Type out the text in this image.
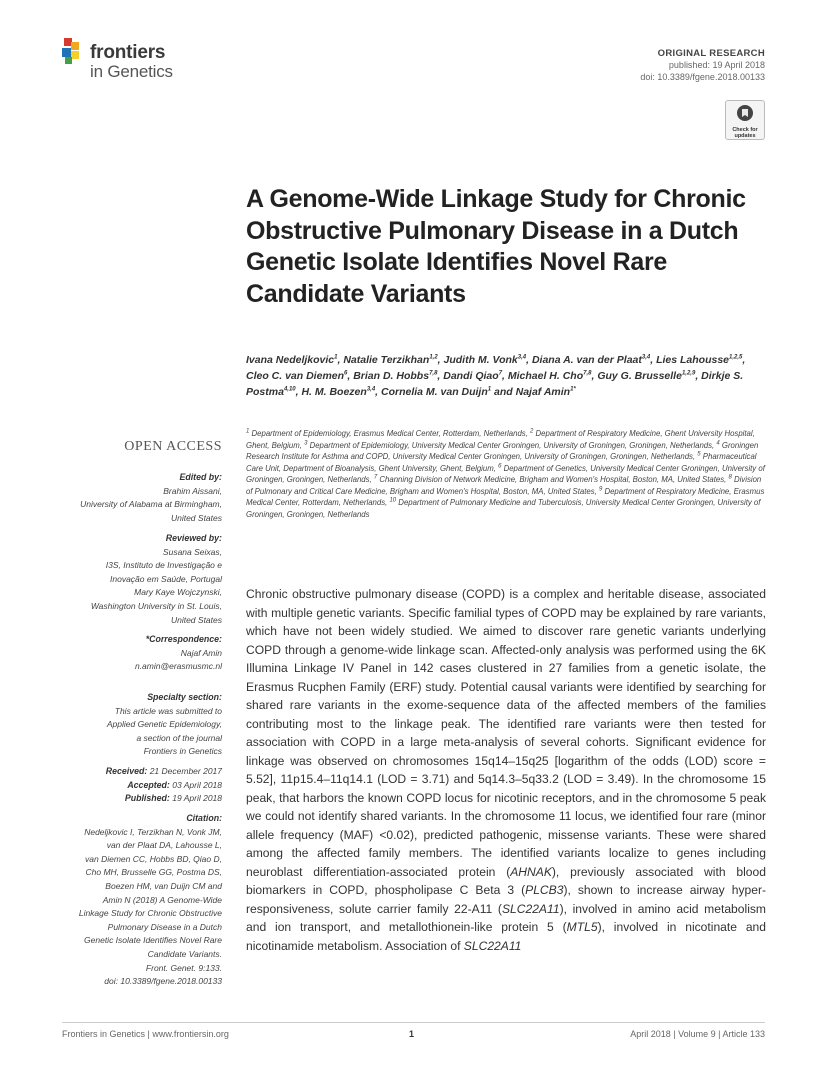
frontiers
in Genetics
ORIGINAL RESEARCH
published: 19 April 2018
doi: 10.3389/fgene.2018.00133
Check for
updates
A Genome-Wide Linkage Study for Chronic Obstructive Pulmonary Disease in a Dutch Genetic Isolate Identifies Novel Rare Candidate Variants
Ivana Nedeljkovic$^1$, Natalie Terzikhan$^{1,2}$, Judith M. Vonk$^{3,4}$, Diana A. van der Plaat$^{3,4}$, Lies Lahousse$^{1,2,5}$, Cleo C. van Diemen$^6$, Brian D. Hobbs$^{7,8}$, Dandi Qiao$^7$, Michael H. Cho$^{7,8}$, Guy G. Brusselle$^{1,2,9}$, Dirkje S. Postma$^{4,10}$, H. M. Boezen$^{3,4}$, Cornelia M. van Duijn$^1$ and Najaf Amin$^{1*}$
$^1$ Department of Epidemiology, Erasmus Medical Center, Rotterdam, Netherlands, $^2$ Department of Respiratory Medicine, Ghent University Hospital, Ghent, Belgium, $^3$ Department of Epidemiology, University Medical Center Groningen, University of Groningen, Groningen, Netherlands, $^4$ Groningen Research Institute for Asthma and COPD, University Medical Center Groningen, University of Groningen, Groningen, Netherlands, $^5$ Pharmaceutical Care Unit, Department of Bioanalysis, Ghent University, Ghent, Belgium, $^6$ Department of Genetics, University Medical Center Groningen, University of Groningen, Groningen, Netherlands, $^7$ Channing Division of Network Medicine, Brigham and Women's Hospital, Boston, MA, United States, $^8$ Division of Pulmonary and Critical Care Medicine, Brigham and Women's Hospital, Boston, MA, United States, $^9$ Department of Respiratory Medicine, Erasmus Medical Center, Rotterdam, Netherlands, $^{10}$ Department of Pulmonary Medicine and Tuberculosis, University Medical Center Groningen, University of Groningen, Groningen, Netherlands
Chronic obstructive pulmonary disease (COPD) is a complex and heritable disease, associated with multiple genetic variants. Specific familial types of COPD may be explained by rare variants, which have not been widely studied. We aimed to discover rare genetic variants underlying COPD through a genome-wide linkage scan. Affected-only analysis was performed using the 6K Illumina Linkage IV Panel in 142 cases clustered in 27 families from a genetic isolate, the Erasmus Rucphen Family (ERF) study. Potential causal variants were identified by searching for shared rare variants in the exome-sequence data of the affected members of the families contributing most to the linkage peak. The identified rare variants were then tested for association with COPD in a large meta-analysis of several cohorts. Significant evidence for linkage was observed on chromosomes 15q14–15q25 [logarithm of the odds (LOD) score = 5.52], 11p15.4–11q14.1 (LOD = 3.71) and 5q14.3–5q33.2 (LOD = 3.49). In the chromosome 15 peak, that harbors the known COPD locus for nicotinic receptors, and in the chromosome 5 peak we could not identify shared variants. In the chromosome 11 locus, we identified four rare (minor allele frequency (MAF) <0.02), predicted pathogenic, missense variants. These were shared among the affected family members. The identified variants localize to genes including neuroblast differentiation-associated protein (AHNAK), previously associated with blood biomarkers in COPD, phospholipase C Beta 3 (PLCB3), shown to increase airway hyper-responsiveness, solute carrier family 22-A11 (SLC22A11), involved in amino acid metabolism and ion transport, and metallothionein-like protein 5 (MTL5), involved in nicotinate and nicotinamide metabolism. Association of SLC22A11
OPEN ACCESS
Edited by:
Brahim Aissani,
University of Alabama at Birmingham,
United States
Reviewed by:
Susana Seixas,
I3S, Instituto de Investigação e
Inovação em Saúde, Portugal
Mary Kaye Wojczynski,
Washington University in St. Louis,
United States
*Correspondence:
Najaf Amin
n.amin@erasmusmc.nl
Specialty section:
This article was submitted to
Applied Genetic Epidemiology,
a section of the journal
Frontiers in Genetics
Received: 21 December 2017
Accepted: 03 April 2018
Published: 19 April 2018
Citation:
Nedeljkovic I, Terzikhan N, Vonk JM,
van der Plaat DA, Lahousse L,
van Diemen CC, Hobbs BD, Qiao D,
Cho MH, Brusselle GG, Postma DS,
Boezen HM, van Duijn CM and
Amin N (2018) A Genome-Wide
Linkage Study for Chronic Obstructive
Pulmonary Disease in a Dutch
Genetic Isolate Identifies Novel Rare
Candidate Variants.
Front. Genet. 9:133.
doi: 10.3389/fgene.2018.00133
Frontiers in Genetics | www.frontiersin.org	1	April 2018 | Volume 9 | Article 133
